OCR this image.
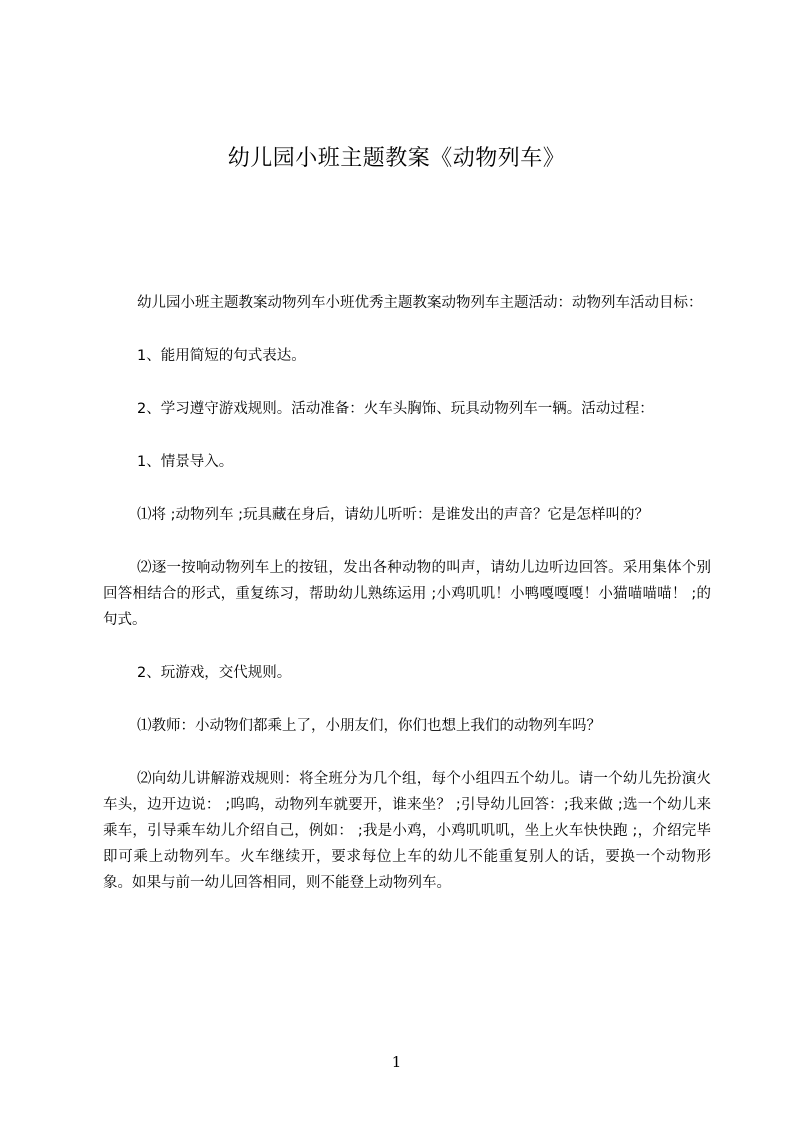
幼儿园小班主题教案《动物列车》

幼儿园小班主题教案动物列车小班优秀主题教案动物列车主题活动：动物列车活动目标：

1、能用简短的句式表达。

2、学习遵守游戏规则。活动准备：火车头胸饰、玩具动物列车一辆。活动过程：

1、情景导入。

⑴将 ;动物列车 ;玩具藏在身后，请幼儿听听：是谁发出的声音？它是怎样叫的？

⑵逐一按响动物列车上的按钮，发出各种动物的叫声，请幼儿边听边回答。采用集体个别回答相结合的形式，重复练习，帮助幼儿熟练运用 ;小鸡叽叽！小鸭嘎嘎嘎！小猫喵喵喵！ ;的句式。

2、玩游戏，交代规则。

⑴教师：小动物们都乘上了，小朋友们，你们也想上我们的动物列车吗？

⑵向幼儿讲解游戏规则：将全班分为几个组，每个小组四五个幼儿。请一个幼儿先扮演火车头，边开边说： ;呜呜，动物列车就要开，谁来坐？ ;引导幼儿回答：;我来做 ;选一个幼儿来乘车，引导乘车幼儿介绍自己，例如： ;我是小鸡，小鸡叽叽叽，坐上火车快快跑 ;，介绍完毕即可乘上动物列车。火车继续开，要求每位上车的幼儿不能重复别人的话，要换一个动物形象。如果与前一幼儿回答相同，则不能登上动物列车。

1
